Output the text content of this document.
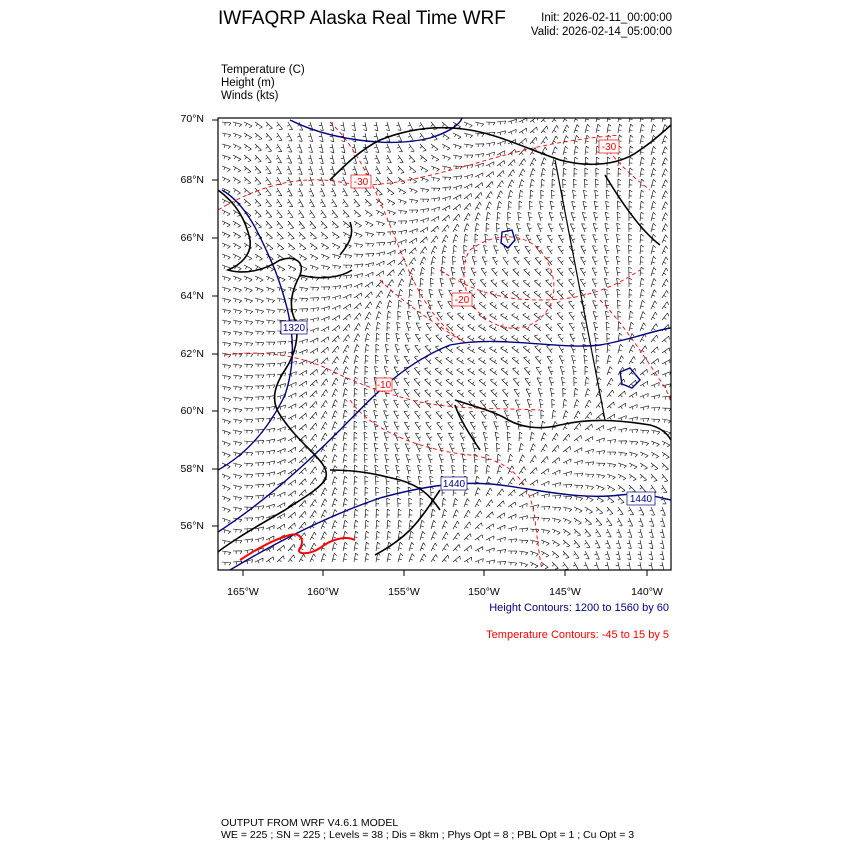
IWFAQRP Alaska Real Time WRF	Init: 2026-02-11_00:00:00
Valid: 2026-02-14_05:00:00
Temperature (C)
Height (m)
Winds (kts)
1320
1440
1440
-30
-20
-30
-10
70°N
68°N
66°N
64°N
62°N
60°N
58°N
56°N
165°W	160°W	155°W	150°W	145°W	140°W
Height Contours: 1200 to 1560 by 60
Temperature Contours: -45 to 15 by 5
OUTPUT FROM WRF V4.6.1 MODEL
WE = 225 ; SN = 225 ; Levels = 38 ; Dis = 8km ; Phys Opt = 8 ; PBL Opt = 1 ; Cu Opt = 3
